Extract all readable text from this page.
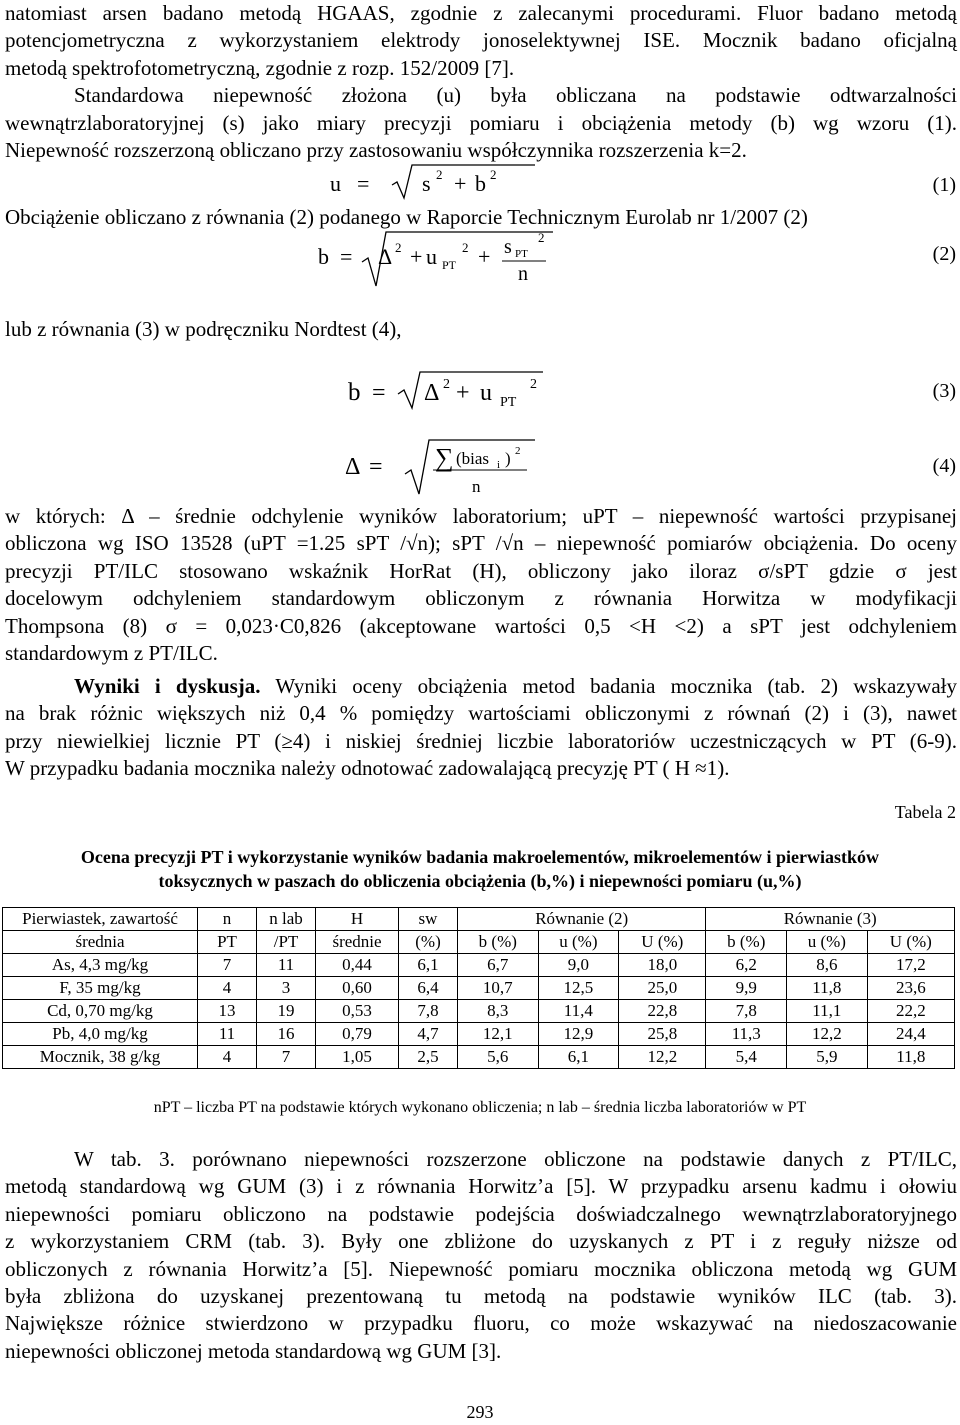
natomiast arsen badano metodą HGAAS, zgodnie z zalecanymi procedurami. Fluor badano metodą
potencjometryczna z wykorzystaniem elektrody jonoselektywnej ISE. Mocznik badano oficjalną
metodą spektrofotometryczną, zgodnie z rozp. 152/2009 [7].
Standardowa niepewność złożona (u) była obliczana na podstawie odtwarzalności
wewnątrzlaboratoryjnej (s) jako miary precyzji pomiaru i obciążenia metody (b) wg wzoru (1).
Niepewność rozszerzoną obliczano przy zastosowaniu współczynnika rozszerzenia k=2.
u = s 2 + b 2	(1)
Obciążenie obliczano z równania (2) podanego w Raporcie Technicznym Eurolab nr 1/2007 (2)
b = Δ 2 + u PT
2 + s PT
2
n
(2)
lub z równania (3) w podręczniku Nordtest (4),
b = Δ 2 + u PT
2	(3)
Δ = ∑ (bias i ) 2
n
(4)
w których: Δ – średnie odchylenie wyników laboratorium; uPT – niepewność wartości przypisanej
obliczona wg ISO 13528 (uPT =1.25 sPT /√n); sPT /√n – niepewność pomiarów obciążenia. Do oceny
precyzji PT/ILC stosowano wskaźnik HorRat (H), obliczony jako iloraz σ/sPT gdzie σ jest
docelowym odchyleniem standardowym obliczonym z równania Horwitza w modyfikacji
Thompsona (8) σ = 0,023·C0,826 (akceptowane wartości 0,5 <H <2) a sPT jest odchyleniem
standardowym z PT/ILC.
Wyniki i dyskusja. Wyniki oceny obciążenia metod badania mocznika (tab. 2) wskazywały
na brak różnic większych niż 0,4 % pomiędzy wartościami obliczonymi z równań (2) i (3), nawet
przy niewielkiej licznie PT (≥4) i niskiej średniej liczbie laboratoriów uczestniczących w PT (6-9).
W przypadku badania mocznika należy odnotować zadowalającą precyzję PT ( H ≈1).
Tabela 2
Ocena precyzji PT i wykorzystanie wyników badania makroelementów, mikroelementów i pierwiastków
toksycznych w paszach do obliczenia obciążenia (b,%) i niepewności pomiaru (u,%)
Pierwiastek, zawartość	n	n lab	H	sw	Równanie (2)			Równanie (3)		
średnia	PT	/PT	średnie	(%)	b (%)	u (%)	U (%)	b (%)	u (%)	U (%)
As, 4,3 mg/kg	7	11	0,44	6,1	6,7	9,0	18,0	6,2	8,6	17,2
F, 35 mg/kg	4	3	0,60	6,4	10,7	12,5	25,0	9,9	11,8	23,6
Cd, 0,70 mg/kg	13	19	0,53	7,8	8,3	11,4	22,8	7,8	11,1	22,2
Pb, 4,0 mg/kg	11	16	0,79	4,7	12,1	12,9	25,8	11,3	12,2	24,4
Mocznik, 38 g/kg	4	7	1,05	2,5	5,6	6,1	12,2	5,4	5,9	11,8
nPT – liczba PT na podstawie których wykonano obliczenia; n lab – średnia liczba laboratoriów w PT
W tab. 3. porównano niepewności rozszerzone obliczone na podstawie danych z PT/ILC,
metodą standardową wg GUM (3) i z równania Horwitz’a [5]. W przypadku arsenu kadmu i ołowiu
niepewności pomiaru obliczono na podstawie podejścia doświadczalnego wewnątrzlaboratoryjnego
z wykorzystaniem CRM (tab. 3). Były one zbliżone do uzyskanych z PT i z reguły niższe od
obliczonych z równania Horwitz’a [5]. Niepewność pomiaru mocznika obliczona metodą wg GUM
była zbliżona do uzyskanej prezentowaną tu metodą na podstawie wyników ILC (tab. 3).
Największe różnice stwierdzono w przypadku fluoru, co może wskazywać na niedoszacowanie
niepewności obliczonej metoda standardową wg GUM [3].
293
